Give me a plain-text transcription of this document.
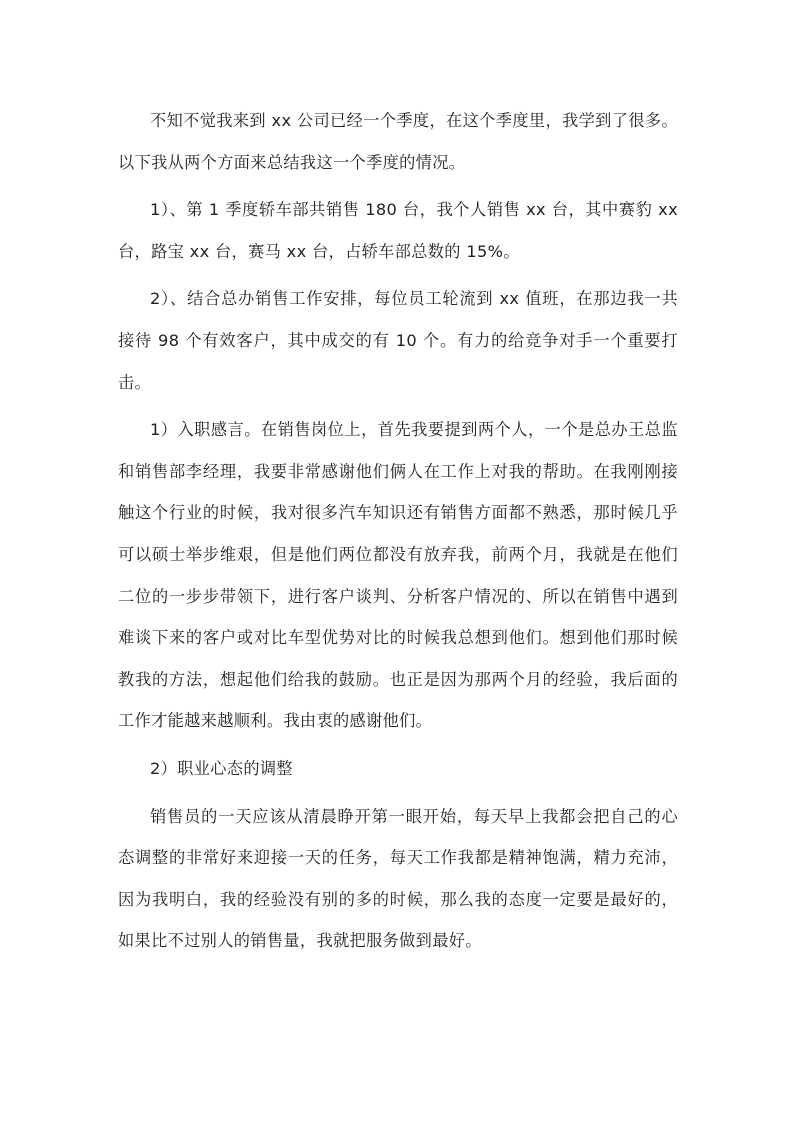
不知不觉我来到 xx 公司已经一个季度，在这个季度里，我学到了很多。以下我从两个方面来总结我这一个季度的情况。

1）、第 1 季度轿车部共销售 180 台，我个人销售 xx 台，其中赛豹 xx 台，路宝 xx 台，赛马 xx 台，占轿车部总数的 15%。

2）、结合总办销售工作安排，每位员工轮流到 xx 值班，在那边我一共接待 98 个有效客户，其中成交的有 10 个。有力的给竞争对手一个重要打击。

1）入职感言。在销售岗位上，首先我要提到两个人，一个是总办王总监和销售部李经理，我要非常感谢他们俩人在工作上对我的帮助。在我刚刚接触这个行业的时候，我对很多汽车知识还有销售方面都不熟悉，那时候几乎可以硕士举步维艰，但是他们两位都没有放弃我，前两个月，我就是在他们二位的一步步带领下，进行客户谈判、分析客户情况的、所以在销售中遇到难谈下来的客户或对比车型优势对比的时候我总想到他们。想到他们那时候教我的方法，想起他们给我的鼓励。也正是因为那两个月的经验，我后面的工作才能越来越顺利。我由衷的感谢他们。

2）职业心态的调整

销售员的一天应该从清晨睁开第一眼开始，每天早上我都会把自己的心态调整的非常好来迎接一天的任务，每天工作我都是精神饱满，精力充沛，因为我明白，我的经验没有别的多的时候，那么我的态度一定要是最好的，如果比不过别人的销售量，我就把服务做到最好。
